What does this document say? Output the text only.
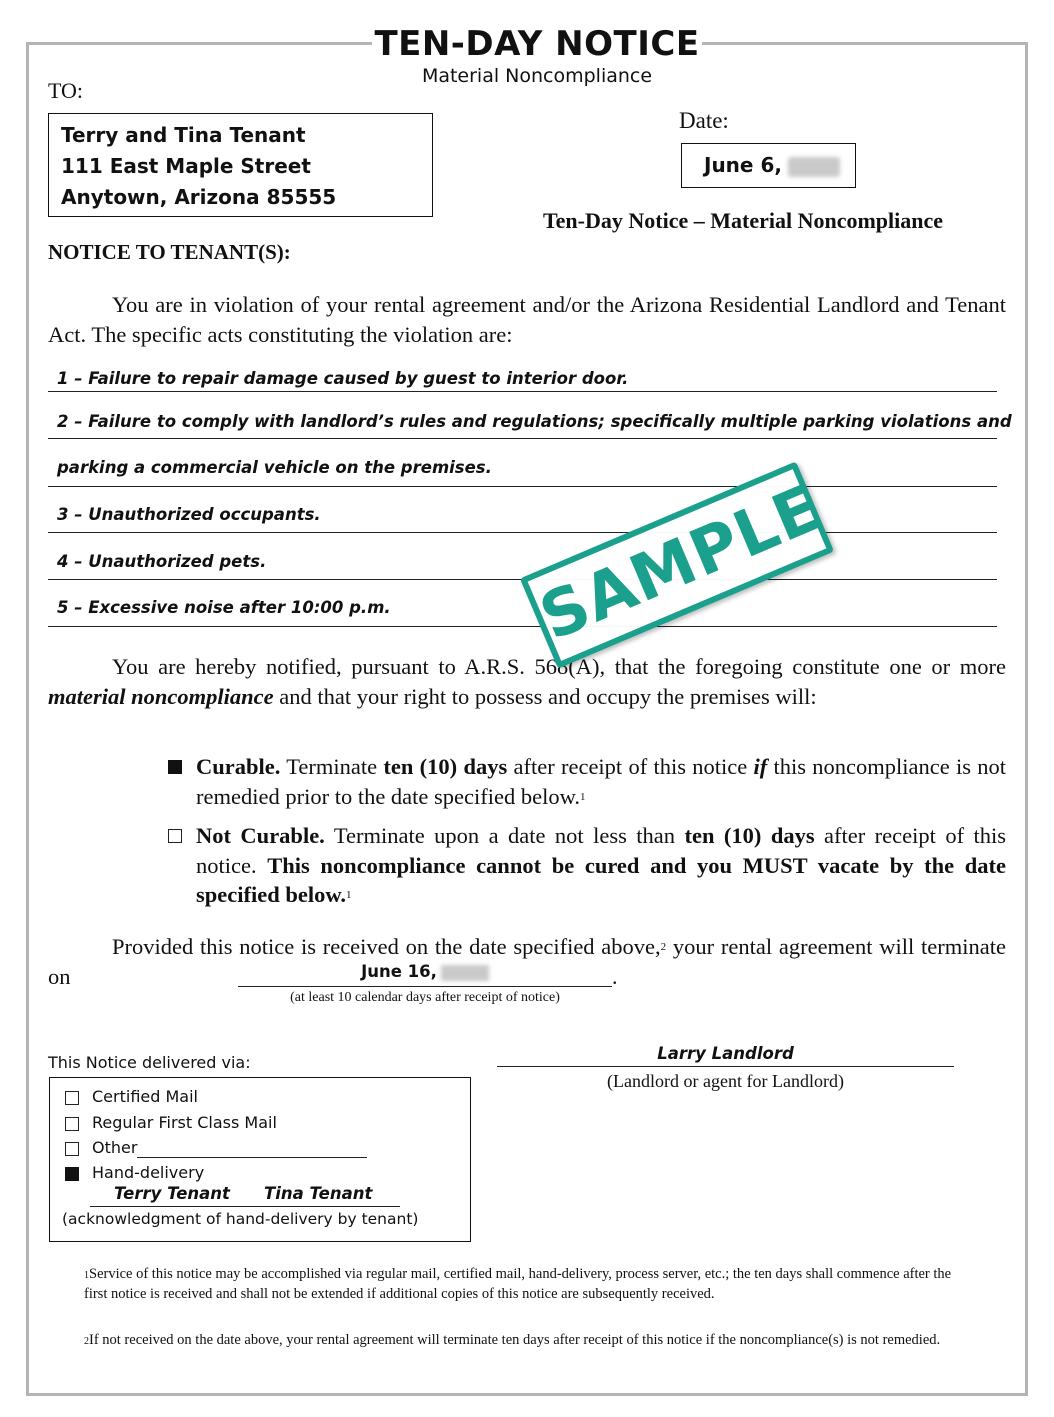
TEN-DAY NOTICE
Material Noncompliance
TO:
Terry and Tina Tenant
111 East Maple Street
Anytown, Arizona 85555
Date:
June 6,
Ten-Day Notice – Material Noncompliance
NOTICE TO TENANT(S):
You are in violation of your rental agreement and/or the Arizona Residential Landlord and Tenant Act. The specific acts constituting the violation are:
1 – Failure to repair damage caused by guest to interior door.
2 – Failure to comply with landlord’s rules and regulations; specifically multiple parking violations and
parking a commercial vehicle on the premises.
3 – Unauthorized occupants.
4 – Unauthorized pets.
5 – Excessive noise after 10:00 p.m.
You are hereby notified, pursuant to A.R.S. 568(A), that the foregoing constitute one or more material noncompliance and that your right to possess and occupy the premises will:
Curable. Terminate ten (10) days after receipt of this notice if this noncompliance is not remedied prior to the date specified below.$^1$
Not Curable. Terminate upon a date not less than ten (10) days after receipt of this notice. This noncompliance cannot be cured and you MUST vacate by the date specified below.$^1$
Provided this notice is received on the date specified above,$^2$ your rental agreement will terminate on	June 16,	.
(at least 10 calendar days after receipt of notice)
Larry Landlord
(Landlord or agent for Landlord)
This Notice delivered via:
Certified Mail
Regular First Class Mail
Other
Hand-delivery
Terry Tenant Tina Tenant
(acknowledgment of hand-delivery by tenant)
$^1$Service of this notice may be accomplished via regular mail, certified mail, hand-delivery, process server, etc.; the ten days shall commence after the first notice is received and shall not be extended if additional copies of this notice are subsequently received.
$^2$If not received on the date above, your rental agreement will terminate ten days after receipt of this notice if the noncompliance(s) is not remedied.
SAMPLE
